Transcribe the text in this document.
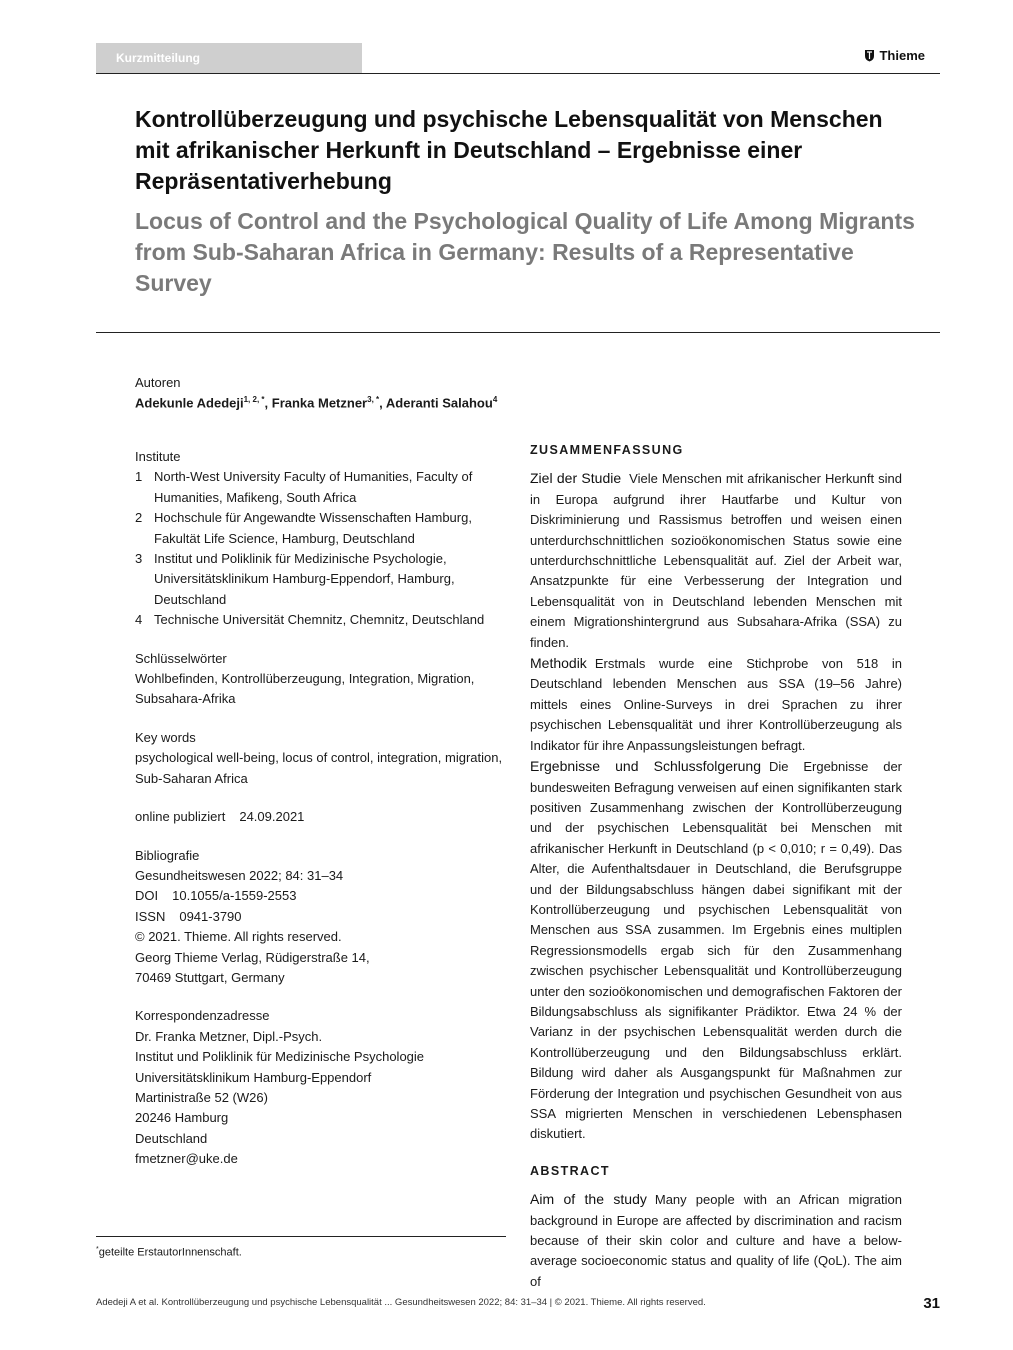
Kurzmitteilung	Thieme
Kontrollüberzeugung und psychische Lebensqualität von Menschen mit afrikanischer Herkunft in Deutschland – Ergebnisse einer Repräsentativerhebung
Locus of Control and the Psychological Quality of Life Among Migrants from Sub-Saharan Africa in Germany: Results of a Representative Survey
Autoren
Adekunle Adedeji$^{1, 2, *}$, Franka Metzner$^{3, *}$, Aderanti Salahou$^4$
Institute
1 North-West University Faculty of Humanities, Faculty of Humanities, Mafikeng, South Africa
2 Hochschule für Angewandte Wissenschaften Hamburg, Fakultät Life Science, Hamburg, Deutschland
3 Institut und Poliklinik für Medizinische Psychologie, Universitätsklinikum Hamburg-Eppendorf, Hamburg, Deutschland
4 Technische Universität Chemnitz, Chemnitz, Deutschland
Schlüsselwörter
Wohlbefinden, Kontrollüberzeugung, Integration, Migration, Subsahara-Afrika
Key words
psychological well-being, locus of control, integration, migration, Sub-Saharan Africa
online publiziert 24.09.2021
Bibliografie
Gesundheitswesen 2022; 84: 31–34
DOI 10.1055/a-1559-2553
ISSN 0941-3790
© 2021. Thieme. All rights reserved.
Georg Thieme Verlag, Rüdigerstraße 14,
70469 Stuttgart, Germany
Korrespondenzadresse
Dr. Franka Metzner, Dipl.-Psych.
Institut und Poliklinik für Medizinische Psychologie
Universitätsklinikum Hamburg-Eppendorf
Martinistraße 52 (W26)
20246 Hamburg
Deutschland
fmetzner@uke.de
ZUSAMMENFASSUNG

Ziel der Studie Viele Menschen mit afrikanischer Herkunft sind in Europa aufgrund ihrer Hautfarbe und Kultur von Diskriminierung und Rassismus betroffen und weisen einen unterdurchschnittlichen sozioökonomischen Status sowie eine unterdurchschnittliche Lebensqualität auf. Ziel der Arbeit war, Ansatzpunkte für eine Verbesserung der Integration und Lebensqualität von in Deutschland lebenden Menschen mit einem Migrationshintergrund aus Subsahara-Afrika (SSA) zu finden.

Methodik Erstmals wurde eine Stichprobe von 518 in Deutschland lebenden Menschen aus SSA (19–56 Jahre) mittels eines Online-Surveys in drei Sprachen zu ihrer psychischen Lebensqualität und ihrer Kontrollüberzeugung als Indikator für ihre Anpassungsleistungen befragt.

Ergebnisse und Schlussfolgerung Die Ergebnisse der bundesweiten Befragung verweisen auf einen signifikanten stark positiven Zusammenhang zwischen der Kontrollüberzeugung und der psychischen Lebensqualität bei Menschen mit afrikanischer Herkunft in Deutschland (p < 0,010; r = 0,49). Das Alter, die Aufenthaltsdauer in Deutschland, die Berufsgruppe und der Bildungsabschluss hängen dabei signifikant mit der Kontrollüberzeugung und psychischen Lebensqualität von Menschen aus SSA zusammen. Im Ergebnis eines multiplen Regressionsmodells ergab sich für den Zusammenhang zwischen psychischer Lebensqualität und Kontrollüberzeugung unter den sozioökonomischen und demografischen Faktoren der Bildungsabschluss als signifikanter Prädiktor. Etwa 24 % der Varianz in der psychischen Lebensqualität werden durch die Kontrollüberzeugung und den Bildungsabschluss erklärt. Bildung wird daher als Ausgangspunkt für Maßnahmen zur Förderung der Integration und psychischen Gesundheit von aus SSA migrierten Menschen in verschiedenen Lebensphasen diskutiert.

ABSTRACT

Aim of the study Many people with an African migration background in Europe are affected by discrimination and racism because of their skin color and culture and have a below-average socioeconomic status and quality of life (QoL). The aim of

*geteilte ErstautorInnenschaft.
Adedeji A et al. Kontrollüberzeugung und psychische Lebensqualität ... Gesundheitswesen 2022; 84: 31–34 | © 2021. Thieme. All rights reserved.	31
